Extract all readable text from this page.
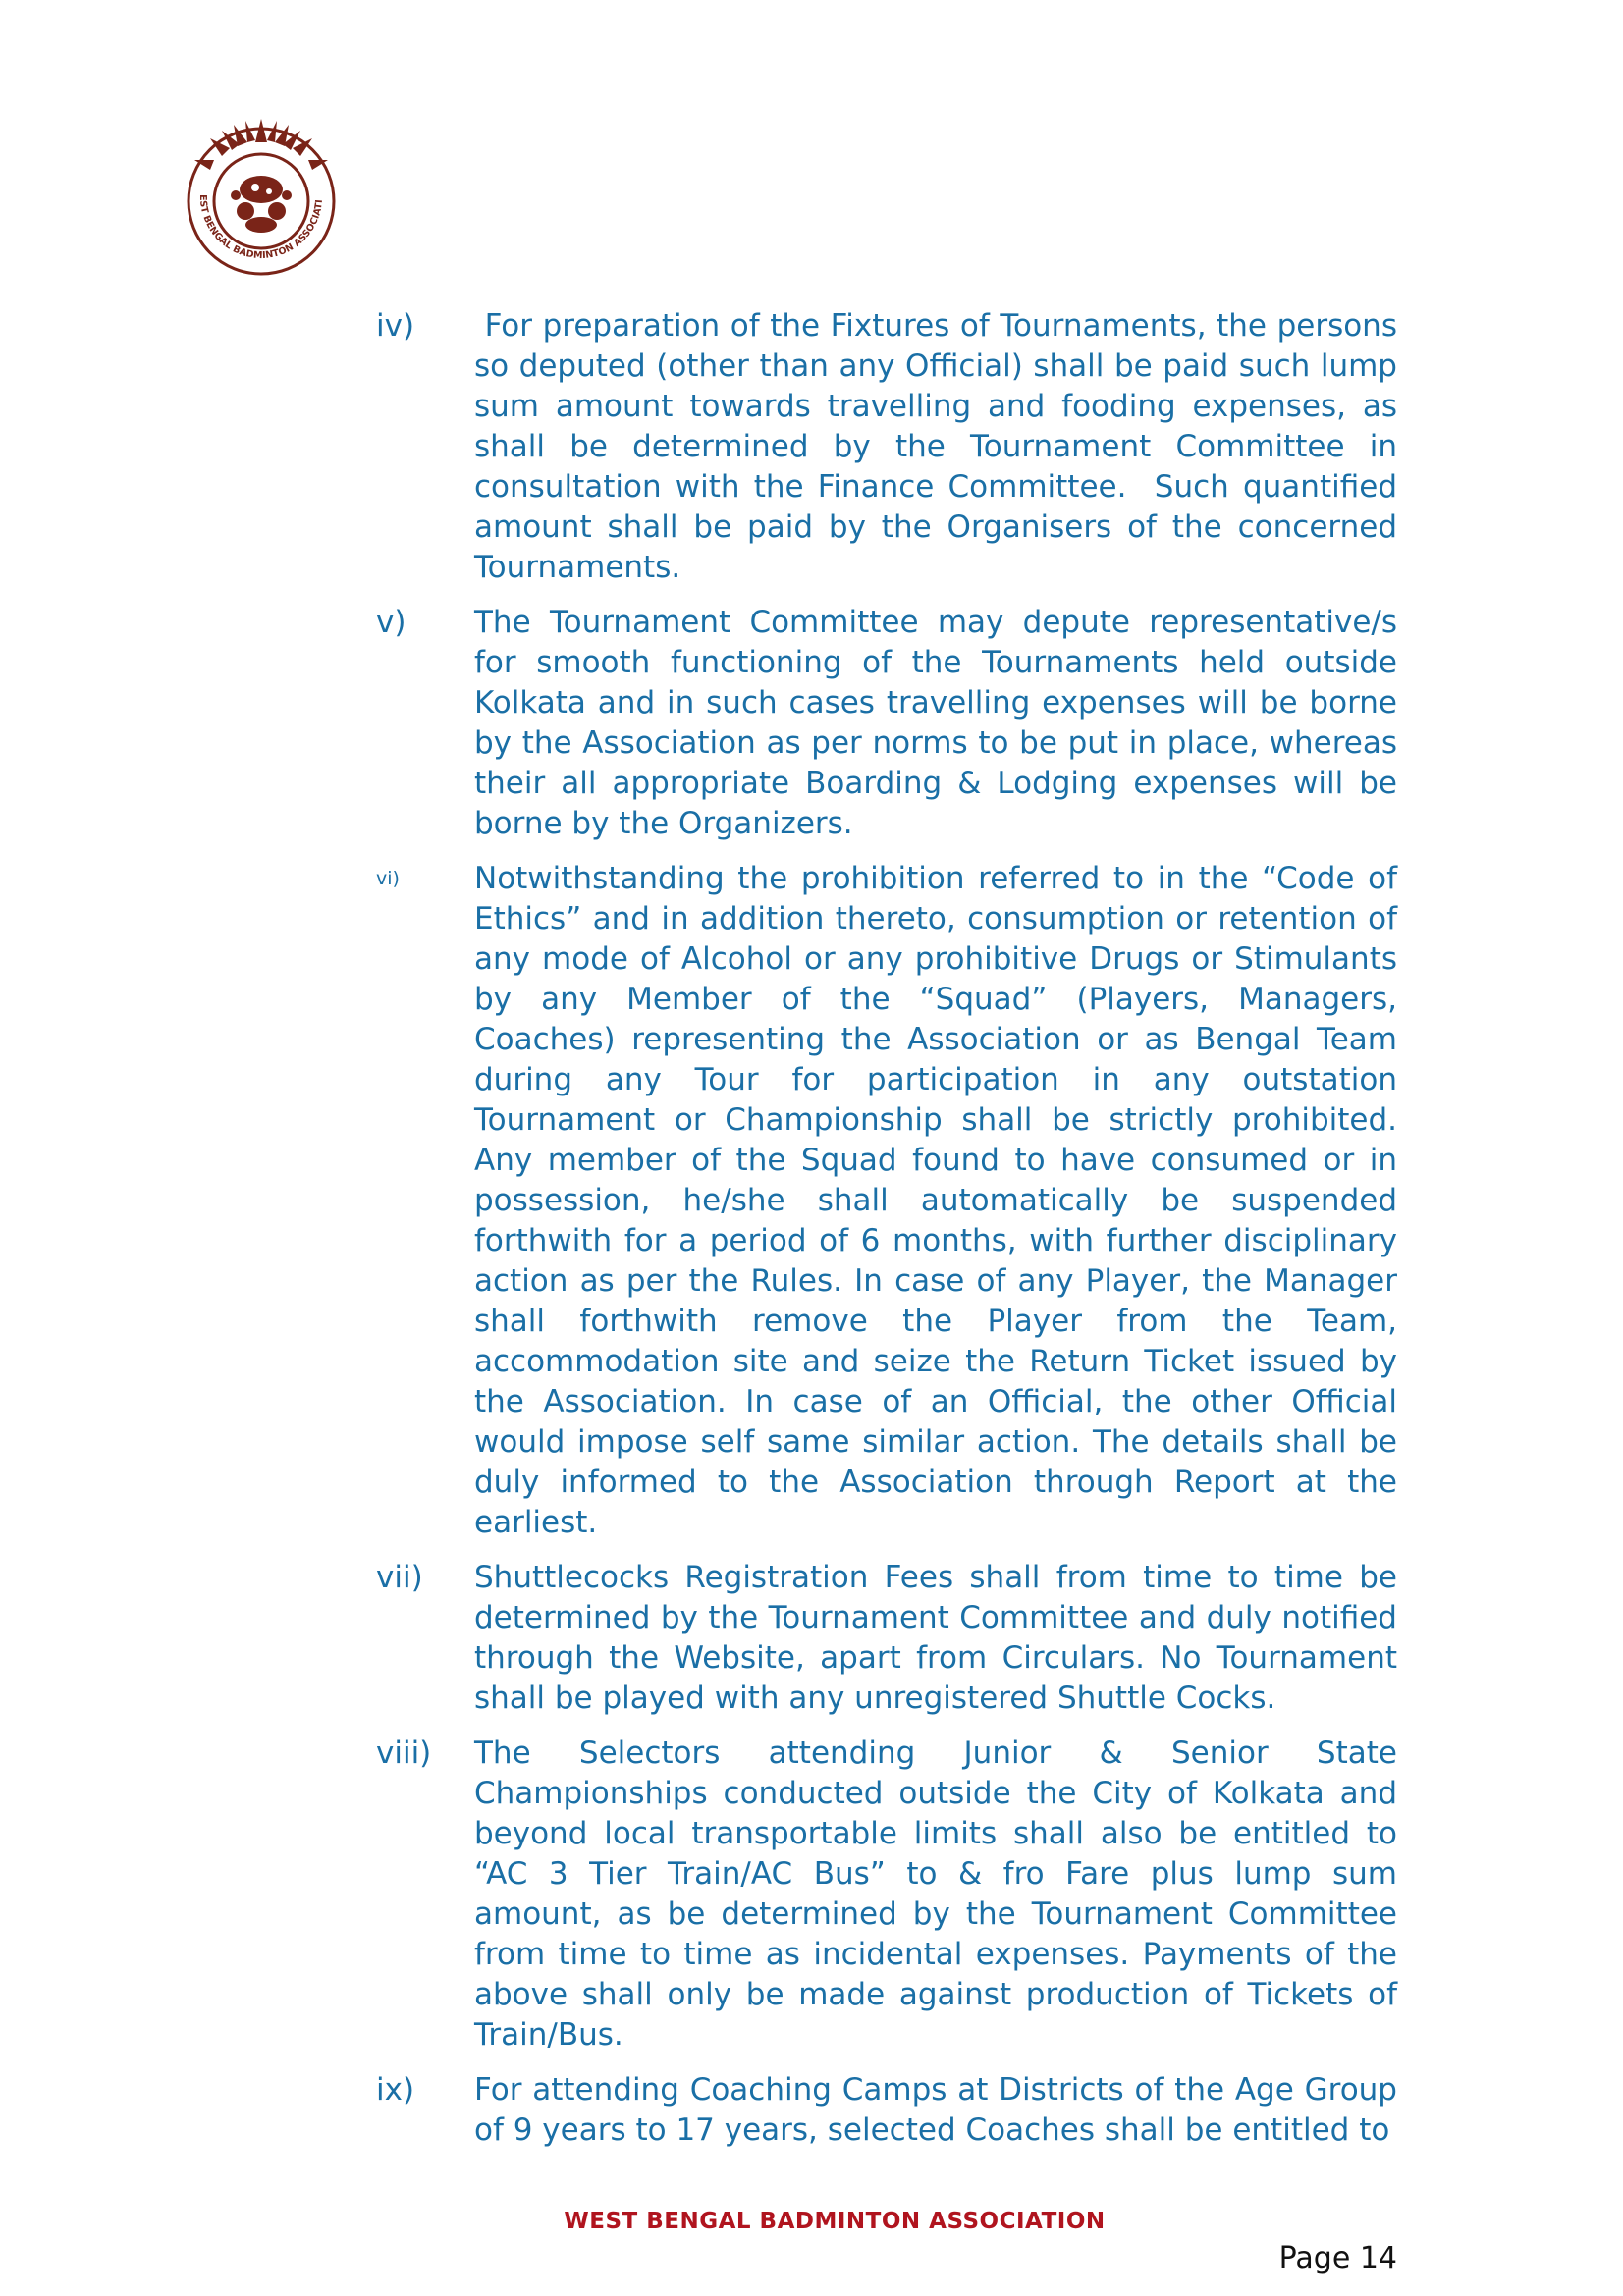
EST BENGAL BADMINTON ASSOCIATI
iv)	For preparation of the Fixtures of Tournaments, the persons so deputed (other than any Official) shall be paid such lump sum amount towards travelling and fooding expenses, as shall be determined by the Tournament Committee in consultation with the Finance Committee.  Such quantified amount shall be paid by the Organisers of the concerned Tournaments.
v)	The Tournament Committee may depute representative/s for smooth functioning of the Tournaments held outside Kolkata and in such cases travelling expenses will be borne by the Association as per norms to be put in place, whereas their all appropriate Boarding & Lodging expenses will be borne by the Organizers.
vi)	Notwithstanding the prohibition referred to in the “Code of Ethics” and in addition thereto, consumption or retention of any mode of Alcohol or any prohibitive Drugs or Stimulants by any Member of the “Squad” (Players, Managers, Coaches) representing the Association or as Bengal Team during any Tour for participation in any outstation Tournament or Championship shall be strictly prohibited. Any member of the Squad found to have consumed or in possession, he/she shall automatically be suspended forthwith for a period of 6 months, with further disciplinary action as per the Rules. In case of any Player, the Manager shall forthwith remove the Player from the Team, accommodation site and seize the Return Ticket issued by the Association. In case of an Official, the other Official would impose self same similar action. The details shall be duly informed to the Association through Report at the earliest.
vii)	Shuttlecocks Registration Fees shall from time to time be determined by the Tournament Committee and duly notified through the Website, apart from Circulars. No Tournament shall be played with any unregistered Shuttle Cocks.
viii)	The Selectors attending Junior & Senior State Championships conducted outside the City of Kolkata and beyond local transportable limits shall also be entitled to “AC 3 Tier Train/AC Bus” to & fro Fare plus lump sum amount, as be determined by the Tournament Committee from time to time as incidental expenses. Payments of the above shall only be made against production of Tickets of Train/Bus.
ix)	For attending Coaching Camps at Districts of the Age Group of 9 years to 17 years, selected Coaches shall be entitled to
WEST BENGAL BADMINTON ASSOCIATION
Page 14
